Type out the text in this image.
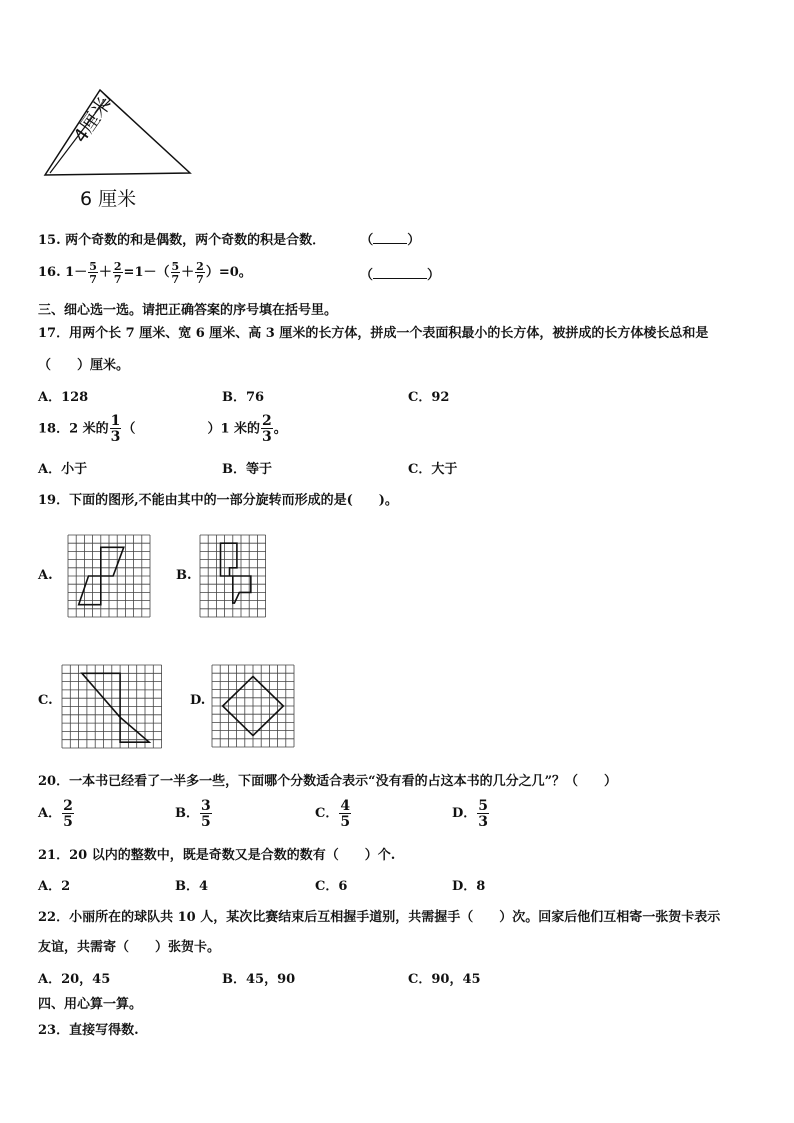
4厘米
6 厘米
15. 两个奇数的和是偶数，两个奇数的积是合数．	（	）
16. $1- \frac{5}{7} + \frac{2}{7} =1-( \frac{5}{7} + \frac{2}{7} )=0$。	（	）
三、细心选一选。请把正确答案的序号填在括号里。
17．用两个长 7 厘米、宽 6 厘米、高 3 厘米的长方体，拼成一个表面积最小的长方体，被拼成的长方体棱长总和是
（　　）厘米。
A．128	B．76	C．92
18．2 米的 $\frac{1}{3}$ （	）1 米的 $\frac{2}{3}$ 。
A．小于	B．等于	C．大于
19．下面的图形,不能由其中的一部分旋转而形成的是(　　)。
A.	B.
C.	D.
20．一本书已经看了一半多一些，下面哪个分数适合表示“没有看的占这本书的几分之几”？（　　）
A． $\frac{2}{5}$	B． $\frac{3}{5}$	C． $\frac{4}{5}$	D． $\frac{5}{3}$
21．20 以内的整数中，既是奇数又是合数的数有（　　）个.
A．2	B．4	C．6	D．8
22．小丽所在的球队共 10 人，某次比赛结束后互相握手道别，共需握手（　　）次。回家后他们互相寄一张贺卡表示
友谊，共需寄（　　）张贺卡。
A．20，45	B．45，90	C．90，45
四、用心算一算。
23．直接写得数.
